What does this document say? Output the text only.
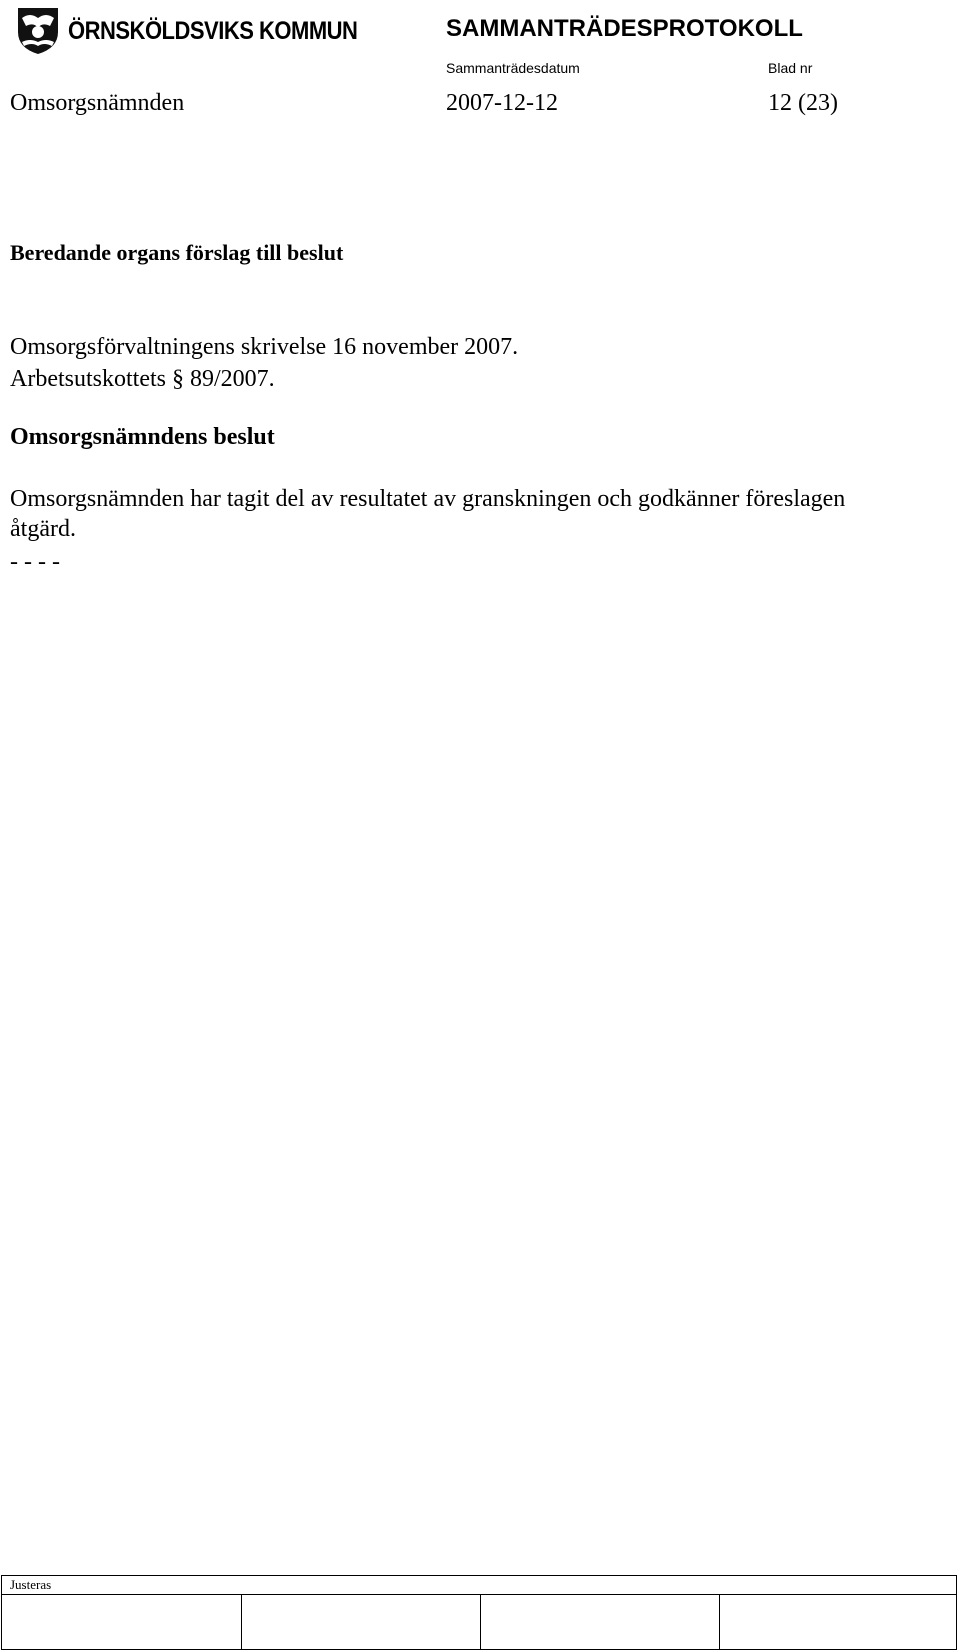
ÖRNSKÖLDSVIKS KOMMUN	SAMMANTRÄDESPROTOKOLL
Sammanträdesdatum	Blad nr
Omsorgsnämnden	2007-12-12	12 (23)
Beredande organs förslag till beslut
Omsorgsförvaltningens skrivelse 16 november 2007.
Arbetsutskottets § 89/2007.
Omsorgsnämndens beslut
Omsorgsnämnden har tagit del av resultatet av granskningen och godkänner föreslagen
åtgärd.
- - - -
Justeras
